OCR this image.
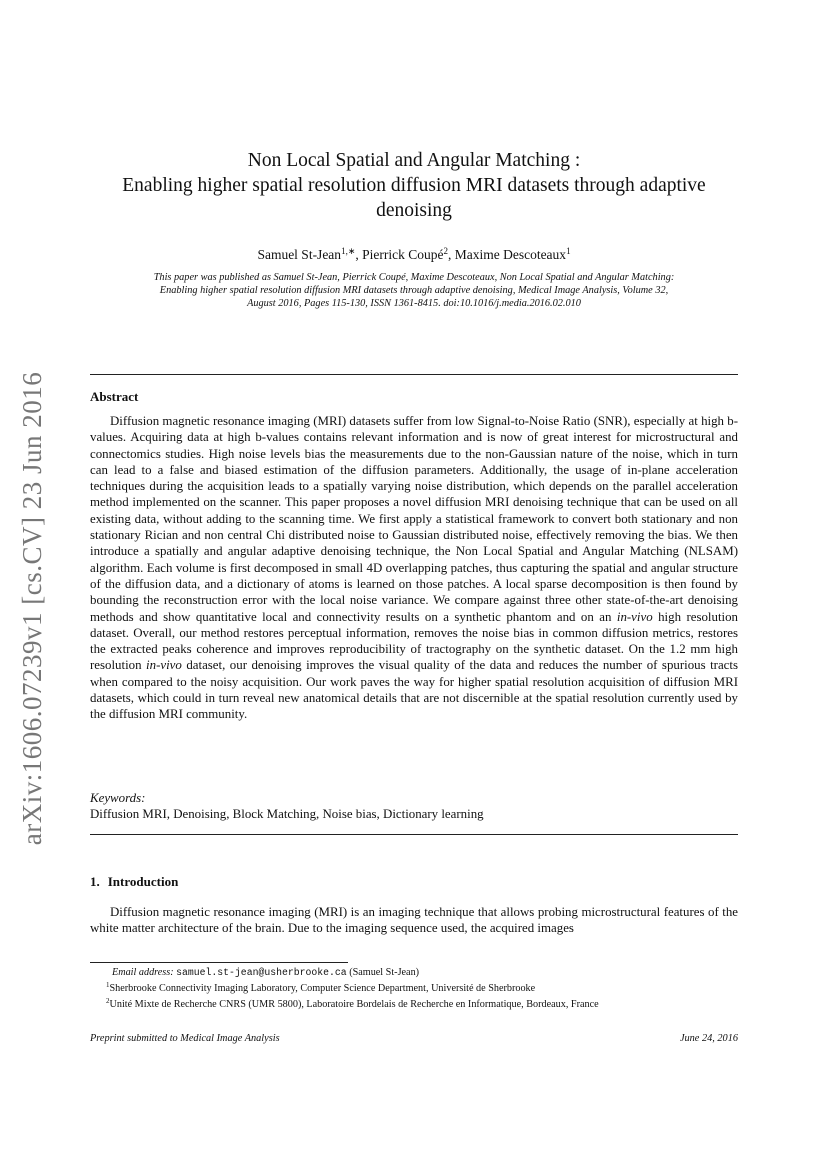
arXiv:1606.07239v1 [cs.CV] 23 Jun 2016
Non Local Spatial and Angular Matching :
Enabling higher spatial resolution diffusion MRI datasets through adaptive
denoising
Samuel St-Jean$^{1,∗}$, Pierrick Coupé$^2$, Maxime Descoteaux$^1$
This paper was published as Samuel St-Jean, Pierrick Coupé, Maxime Descoteaux, Non Local Spatial and Angular Matching:
Enabling higher spatial resolution diffusion MRI datasets through adaptive denoising, Medical Image Analysis, Volume 32,
August 2016, Pages 115-130, ISSN 1361-8415. doi:10.1016/j.media.2016.02.010
Abstract
Diffusion magnetic resonance imaging (MRI) datasets suffer from low Signal-to-Noise Ratio (SNR), especially at high b-values. Acquiring data at high b-values contains relevant information and is now of great interest for microstructural and connectomics studies. High noise levels bias the measurements due to the non-Gaussian nature of the noise, which in turn can lead to a false and biased estimation of the diffusion parameters. Additionally, the usage of in-plane acceleration techniques during the acquisition leads to a spatially varying noise distribution, which depends on the parallel acceleration method implemented on the scanner. This paper proposes a novel diffusion MRI denoising technique that can be used on all existing data, without adding to the scanning time. We first apply a statistical framework to convert both stationary and non stationary Rician and non central Chi distributed noise to Gaussian distributed noise, effectively removing the bias. We then introduce a spatially and angular adaptive denoising technique, the Non Local Spatial and Angular Matching (NLSAM) algorithm. Each volume is first decomposed in small 4D overlapping patches, thus capturing the spatial and angular structure of the diffusion data, and a dictionary of atoms is learned on those patches. A local sparse decomposition is then found by bounding the reconstruction error with the local noise variance. We compare against three other state-of-the-art denoising methods and show quantitative local and connectivity results on a synthetic phantom and on an in-vivo high resolution dataset. Overall, our method restores perceptual information, removes the noise bias in common diffusion metrics, restores the extracted peaks coherence and improves reproducibility of tractography on the synthetic dataset. On the 1.2 mm high resolution in-vivo dataset, our denoising improves the visual quality of the data and reduces the number of spurious tracts when compared to the noisy acquisition. Our work paves the way for higher spatial resolution acquisition of diffusion MRI datasets, which could in turn reveal new anatomical details that are not discernible at the spatial resolution currently used by the diffusion MRI community.
Keywords:
Diffusion MRI, Denoising, Block Matching, Noise bias, Dictionary learning
1. Introduction
Diffusion magnetic resonance imaging (MRI) is an imaging technique that allows probing microstructural features of the white matter architecture of the brain. Due to the imaging sequence used, the acquired images
Email address: samuel.st-jean@usherbrooke.ca (Samuel St-Jean)
$^1$Sherbrooke Connectivity Imaging Laboratory, Computer Science Department, Université de Sherbrooke
$^2$Unité Mixte de Recherche CNRS (UMR 5800), Laboratoire Bordelais de Recherche en Informatique, Bordeaux, France
Preprint submitted to Medical Image Analysis	June 24, 2016
